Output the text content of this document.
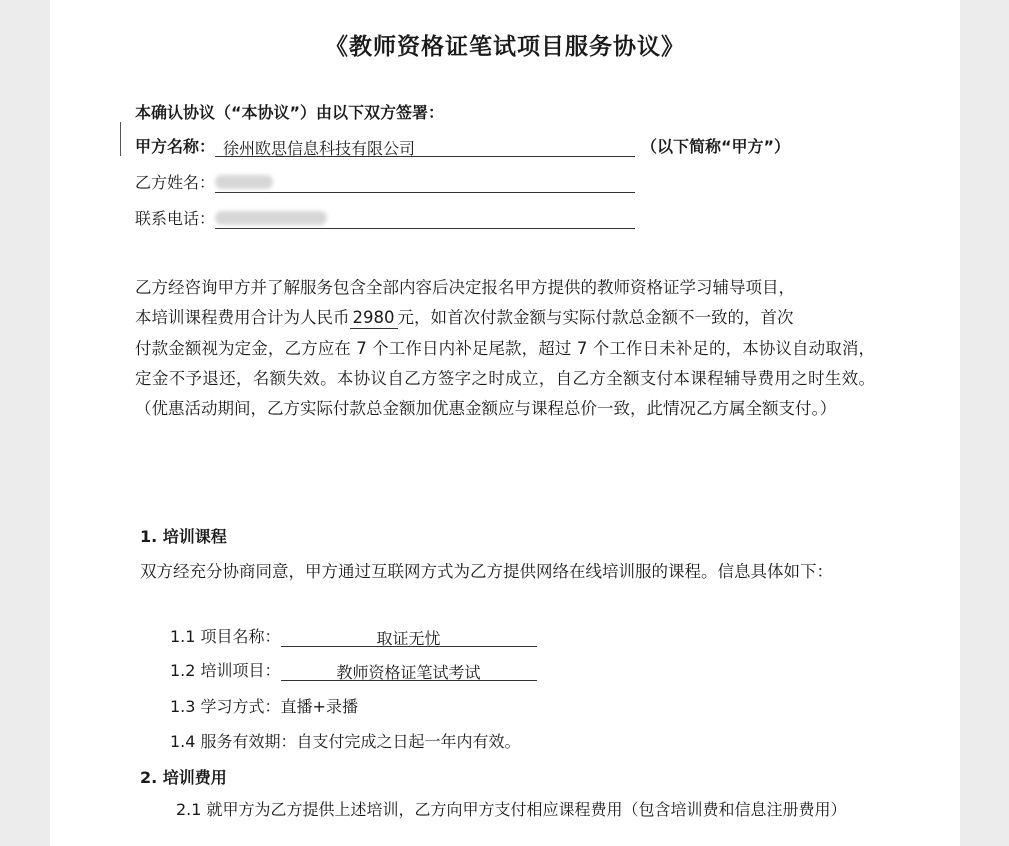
《教师资格证笔试项目服务协议》
本确认协议（“本协议”）由以下双方签署：
甲方名称： 徐州欧思信息科技有限公司	（以下简称“甲方”）
乙方姓名：
联系电话：
乙方经咨询甲方并了解服务包含全部内容后决定报名甲方提供的教师资格证学习辅导项目，
本培训课程费用合计为人民币 2980 元，如首次付款金额与实际付款总金额不一致的，首次
付款金额视为定金，乙方应在 7 个工作日内补足尾款，超过 7 个工作日未补足的，本协议自动取消，定金不予退还，名额失效。本协议自乙方签字之时成立，自乙方全额支付本课程辅导费用之时生效。（优惠活动期间，乙方实际付款总金额加优惠金额应与课程总价一致，此情况乙方属全额支付。）
1. 培训课程
双方经充分协商同意，甲方通过互联网方式为乙方提供网络在线培训服的课程。信息具体如下：
1.1 项目名称：	取证无忧
1.2 培训项目：	教师资格证笔试考试
1.3 学习方式：直播+录播
1.4 服务有效期：自支付完成之日起一年内有效。
2. 培训费用
2.1 就甲方为乙方提供上述培训，乙方向甲方支付相应课程费用（包含培训费和信息注册费用）
